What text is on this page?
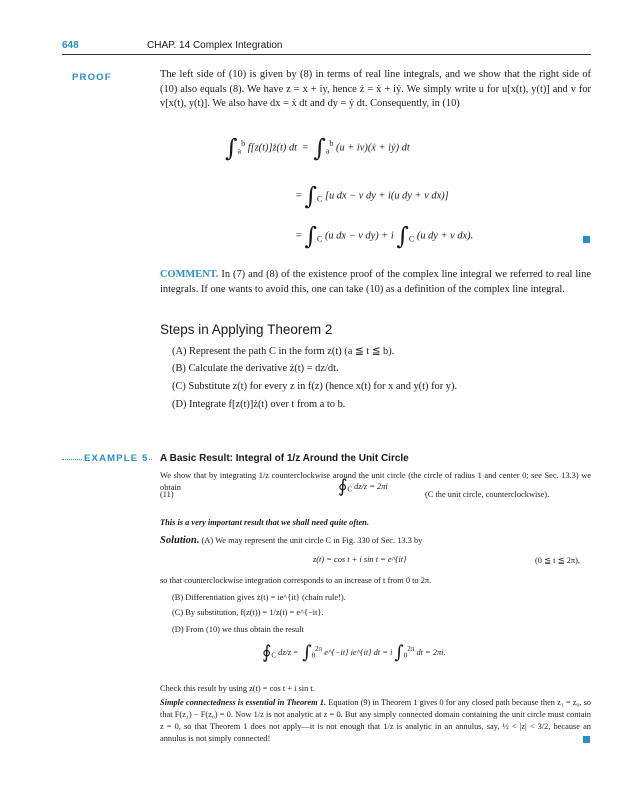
648	CHAP. 14 Complex Integration
PROOF	The left side of (10) is given by (8) in terms of real line integrals, and we show that the right side of (10) also equals (8). We have z = x + iy, hence ż = ẋ + iẏ. We simply write u for u[x(t), y(t)] and v for v[x(t), y(t)]. We also have dx = ẋ dt and dy = ẏ dt. Consequently, in (10)
$\int_a^b$ f[z(t)]ż(t) dt  =  $\int_a^b$ (u + iv)(ẋ + iẏ) dt
= $\int_C$ [u dx − v dy + i(u dy + v dx)]
= $\int_C$ (u dx − v dy) + i $\int_C$ (u dy + v dx).
COMMENT. In (7) and (8) of the existence proof of the complex line integral we referred to real line integrals. If one wants to avoid this, one can take (10) as a definition of the complex line integral.
Steps in Applying Theorem 2
(A) Represent the path C in the form z(t) (a ≦ t ≦ b).
(B) Calculate the derivative ż(t) = dz/dt.
(C) Substitute z(t) for every z in f(z) (hence x(t) for x and y(t) for y).
(D) Integrate f[z(t)]ż(t) over t from a to b.
EXAMPLE 5 A Basic Result: Integral of 1/z Around the Unit Circle
We show that by integrating 1/z counterclockwise around the unit circle (the circle of radius 1 and center 0; see Sec. 13.3) we obtain
(11)	$∮_C$ dz/z = 2πi
(C the unit circle, counterclockwise).
This is a very important result that we shall need quite often.
Solution. (A) We may represent the unit circle C in Fig. 330 of Sec. 13.3 by
z(t) = cos t + i sin t = e^{it}	(0 ≦ t ≦ 2π),
so that counterclockwise integration corresponds to an increase of t from 0 to 2π.
(B) Differentiation gives ż(t) = ie^{it} (chain rule!).
(C) By substitution, f(z(t)) = 1/z(t) = e^{−it}.
(D) From (10) we thus obtain the result
$∮_C$ $dz/z = \int_0^{2\pi}$ e^{−it} ie^{it} dt = i $\int_0^{2\pi}$ dt = 2πi.
Check this result by using z(t) = cos t + i sin t.
Simple connectedness is essential in Theorem 1. Equation (9) in Theorem 1 gives 0 for any closed path because then z₁ = z₀, so that F(z₁) − F(z₀) = 0. Now 1/z is not analytic at z = 0. But any simply connected domain containing the unit circle must contain z = 0, so that Theorem 1 does not apply—it is not enough that 1/z is analytic in an annulus, say, ½ < |z| < 3/2, because an annulus is not simply connected!
